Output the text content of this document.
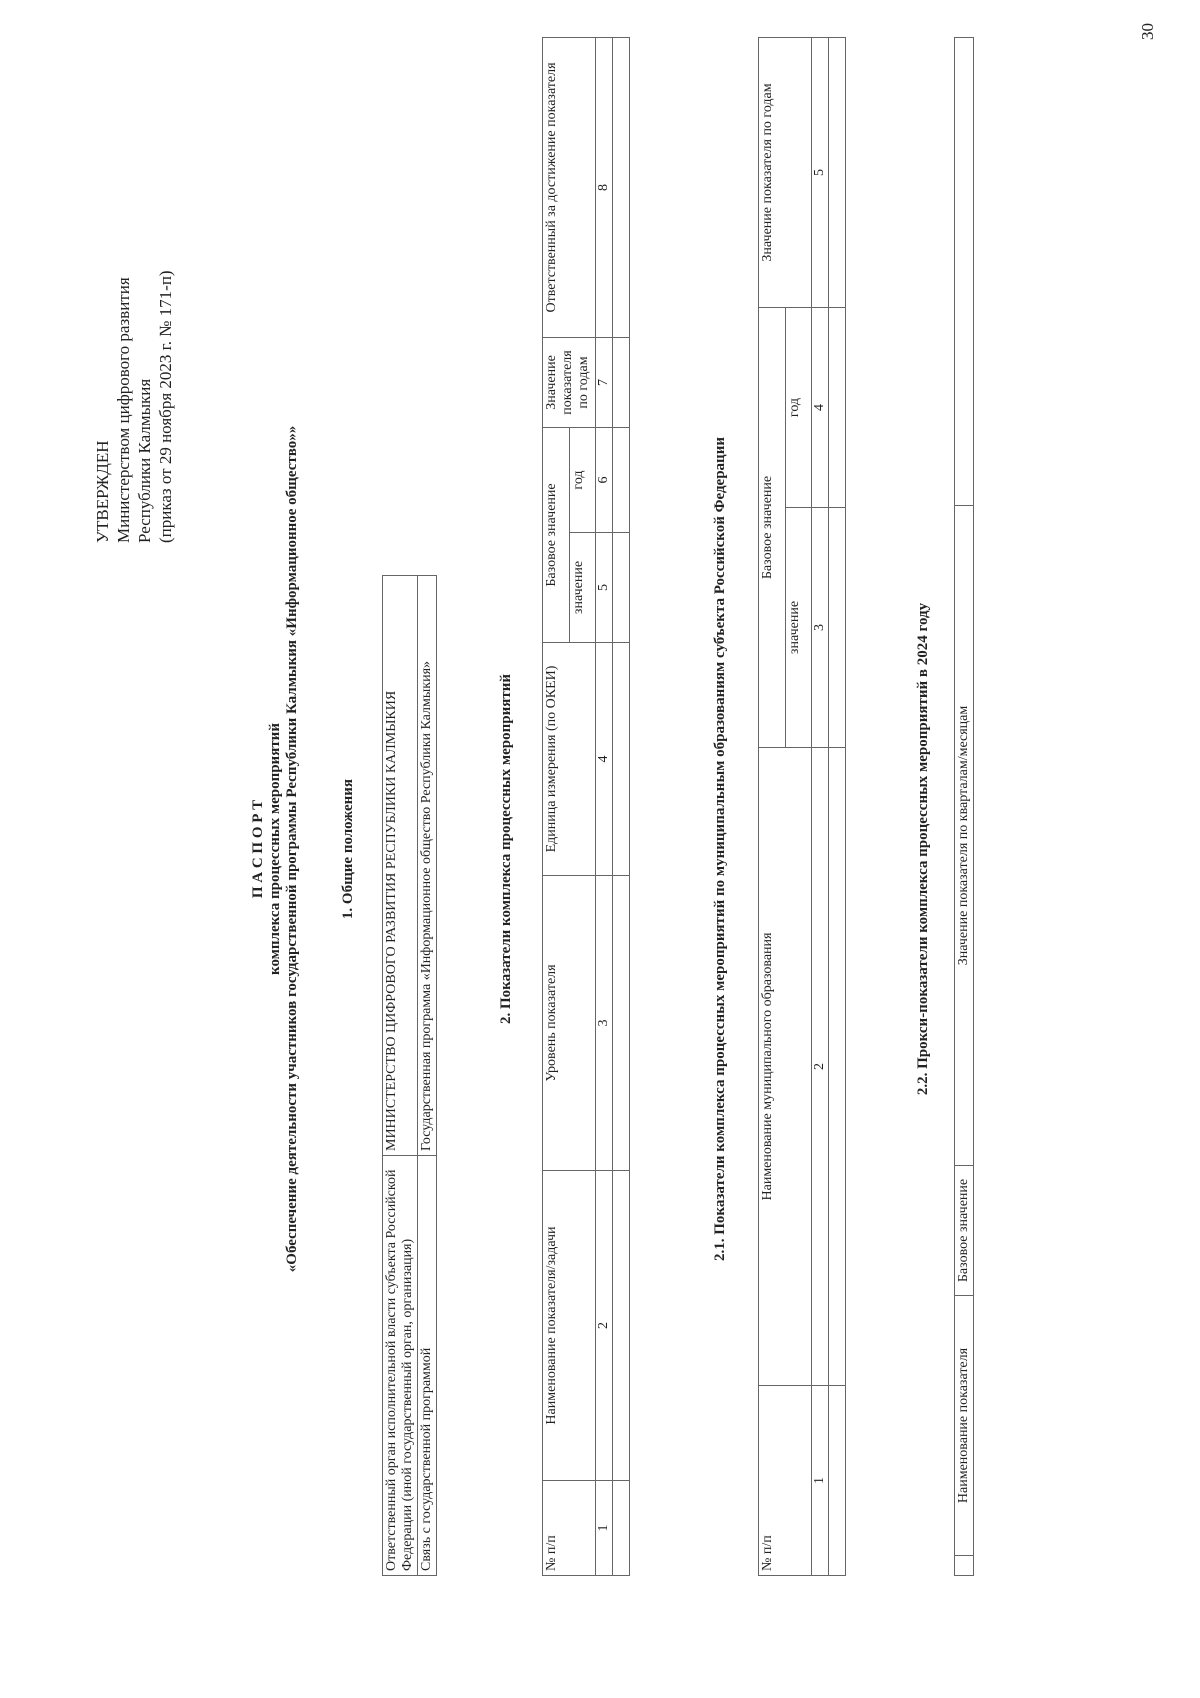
УТВЕРЖДЕН Министерством цифрового развития Республики Калмыкия (приказ от 29 ноября 2023 г. № 171-п)
П А С П О Р Т комплекса процессных мероприятий «Обеспечение деятельности участников государственной программы Республики Калмыкия «Информационное общество»»	1. Общие положения
Ответственный орган исполнительной власти субъекта Российской Федерации (иной государственный орган, организация)	МИНИСТЕРСТВО ЦИФРОВОГО РАЗВИТИЯ РЕСПУБЛИКИ КАЛМЫКИЯ
Связь с государственной программой	Государственная программа «Информационное общество Республики Калмыкия»	2. Показатели комплекса процессных мероприятий
№ п/п	Наименование показателя/задачи	Уровень показателя	Единица измерения (по ОКЕИ)	Базовое значение		Значение показателя по годам	Ответственный за достижение показателя
				значение	год		
1	2	3	4	5	6	7	8

2.1. Показатели комплекса процессных мероприятий по муниципальным образованиям субъекта Российской Федерации
№ п/п	Наименование муниципального образования	Базовое значение		Значение показателя по годам
		значение	год	
1	2	3	4	5

2.2. Прокси-показатели комплекса процессных мероприятий в 2024 году
	Наименование показателя	Базовое значение	Значение показателя по кварталам/месяцам	
30
